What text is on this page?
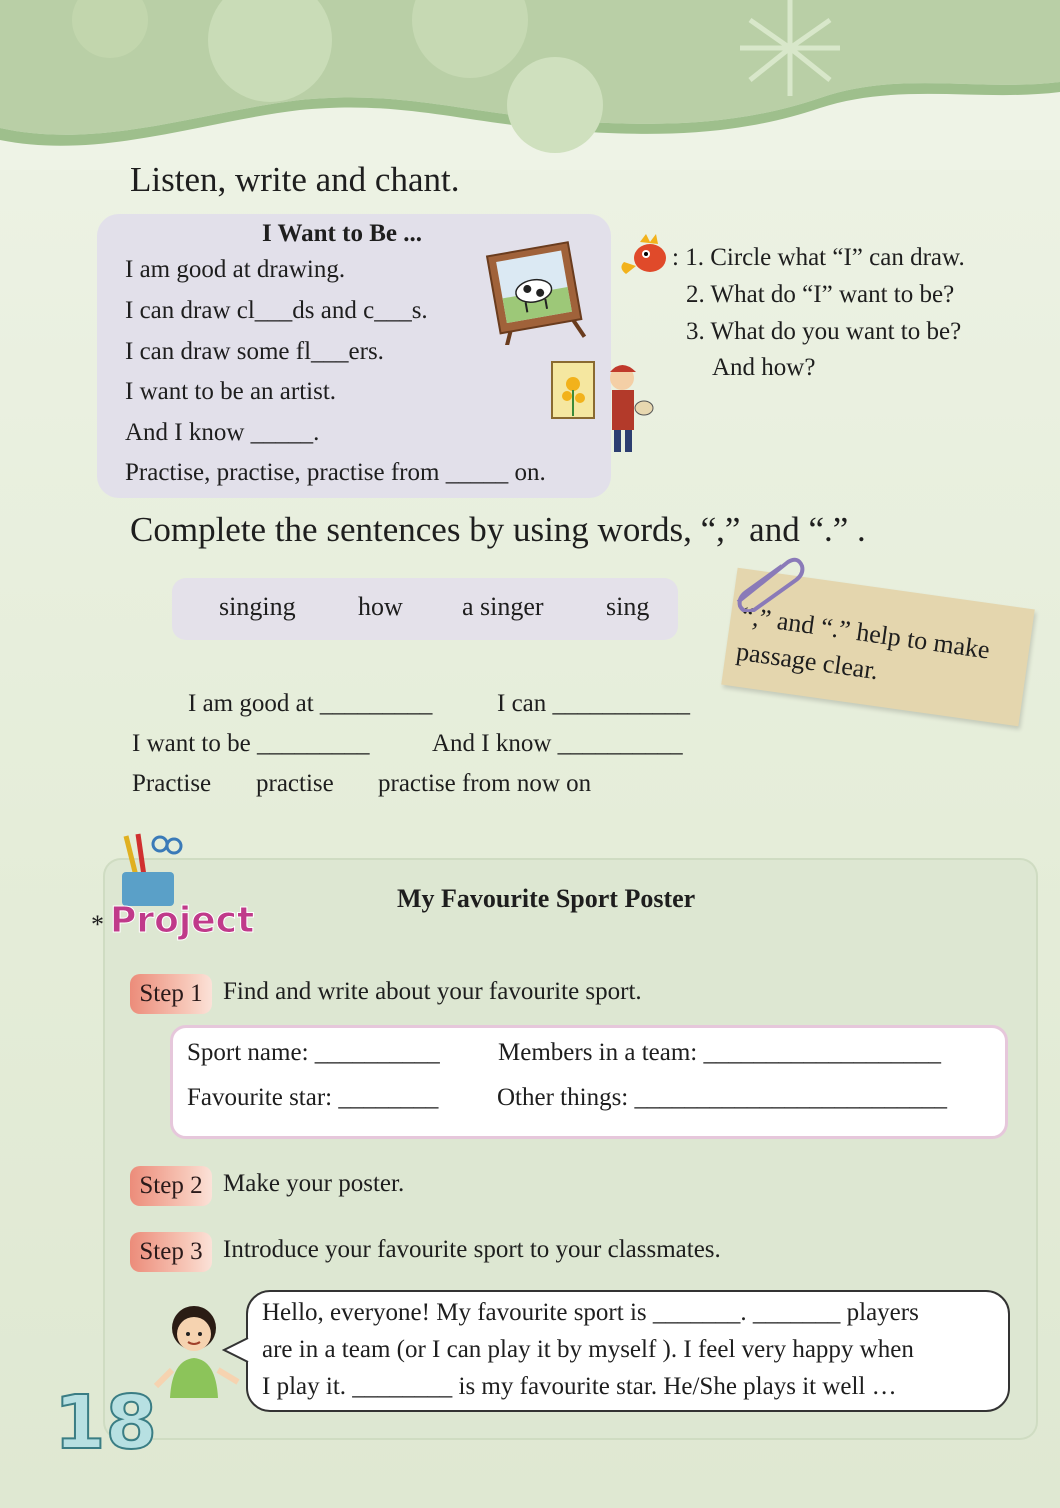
Listen, write and chant.
I Want to Be ...
I am good at drawing.
I can draw cl___ds and c___s.
I can draw some fl___ers.
I want to be an artist.
And I know _____.
Practise, practise, practise from _____ on.
: 1. Circle what “I” can draw.
2. What do “I” want to be?
3. What do you want to be?
And how?
Complete the sentences by using words, “,” and “.” .
singing how a singer sing	“,” and “.” help to make passage clear.
I am good at _________	I can ___________
I want to be _________	And I know __________
Practise practise practise from now on
* Project
My Favourite Sport Poster
Step 1 Find and write about your favourite sport.
Sport name: __________ Members in a team: ___________________
Favourite star: ________ Other things: _________________________
Step 2 Make your poster.
Step 3 Introduce your favourite sport to your classmates.
Hello, everyone! My favourite sport is _______. _______ players
are in a team (or I can play it by myself ). I feel very happy when
I play it. ________ is my favourite star. He/She plays it well …
18
